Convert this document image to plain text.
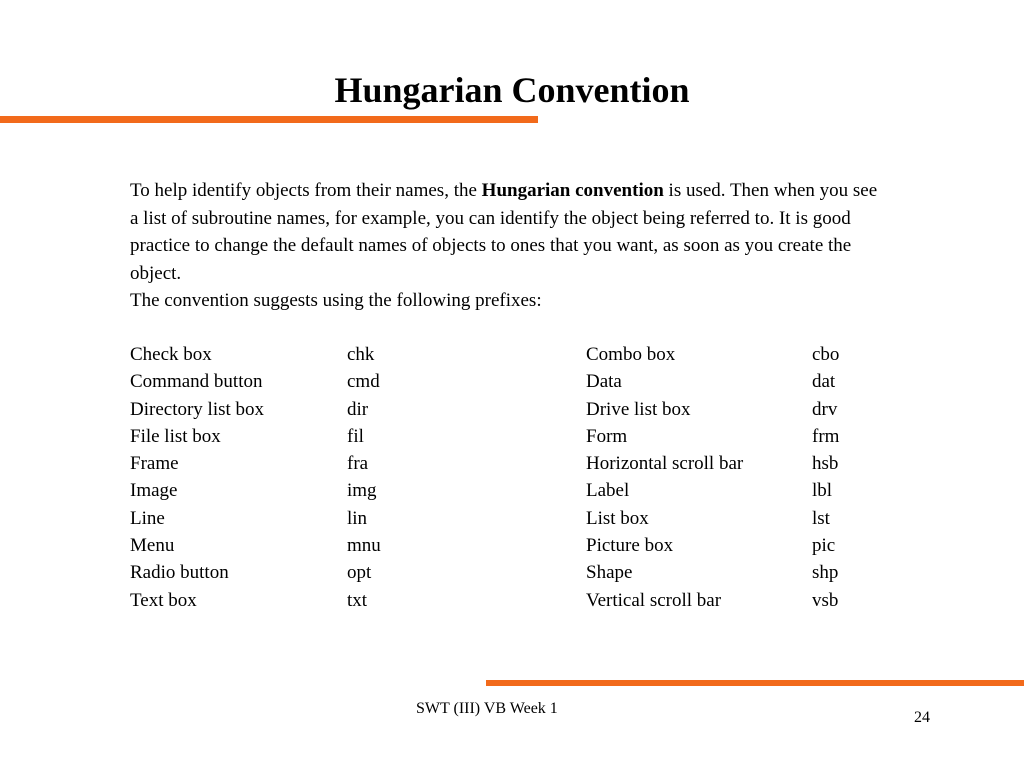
Hungarian Convention

To help identify objects from their names, the Hungarian convention is used. Then when you see a list of subroutine names, for example, you can identify the object being referred to. It is good practice to change the default names of objects to ones that you want, as soon as you create the object.

The convention suggests using the following prefixes:

Check box	chk	Combo box	cbo
Command button	cmd	Data	dat
Directory list box	dir	Drive list box	drv
File list box	fil	Form	frm
Frame	fra	Horizontal scroll bar	hsb
Image	img	Label	lbl
Line	lin	List box	lst
Menu	mnu	Picture box	pic
Radio button	opt	Shape	shp
Text box	txt	Vertical scroll bar	vsb
SWT (III) VB Week 1
24
